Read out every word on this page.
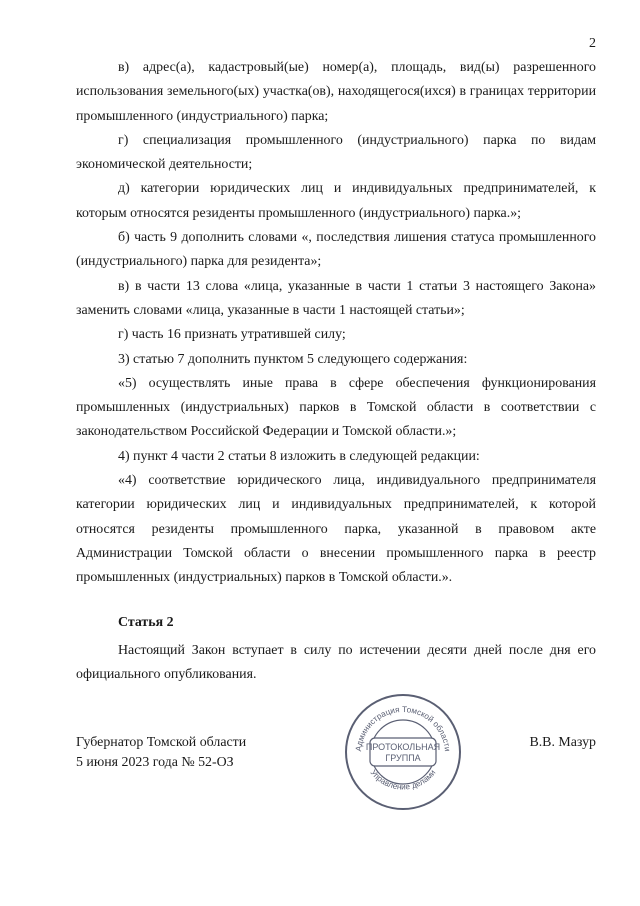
2

в) адрес(а), кадастровый(ые) номер(а), площадь, вид(ы) разрешенного использования земельного(ых) участка(ов), находящегося(ихся) в границах территории промышленного (индустриального) парка;

г) специализация промышленного (индустриального) парка по видам экономической деятельности;

д) категории юридических лиц и индивидуальных предпринимателей, к которым относятся резиденты промышленного (индустриального) парка.»;

б) часть 9 дополнить словами «, последствия лишения статуса промышленного (индустриального) парка для резидента»;

в) в части 13 слова «лица, указанные в части 1 статьи 3 настоящего Закона» заменить словами «лица, указанные в части 1 настоящей статьи»;

г) часть 16 признать утратившей силу;

3) статью 7 дополнить пунктом 5 следующего содержания:

«5) осуществлять иные права в сфере обеспечения функционирования промышленных (индустриальных) парков в Томской области в соответствии с законодательством Российской Федерации и Томской области.»;

4) пункт 4 части 2 статьи 8 изложить в следующей редакции:

«4) соответствие юридического лица, индивидуального предпринимателя категории юридических лиц и индивидуальных предпринимателей, к которой относятся резиденты промышленного парка, указанной в правовом акте Администрации Томской области о внесении промышленного парка в реестр промышленных (индустриальных) парков в Томской области.».

Статья 2

Настоящий Закон вступает в силу по истечении десяти дней после дня его официального опубликования.

Губернатор Томской области
5 июня 2023 года № 52-ОЗ
В.В. Мазур
Администрация Томской области
Управление делами
ПРОТОКОЛЬНАЯ
ГРУППА
